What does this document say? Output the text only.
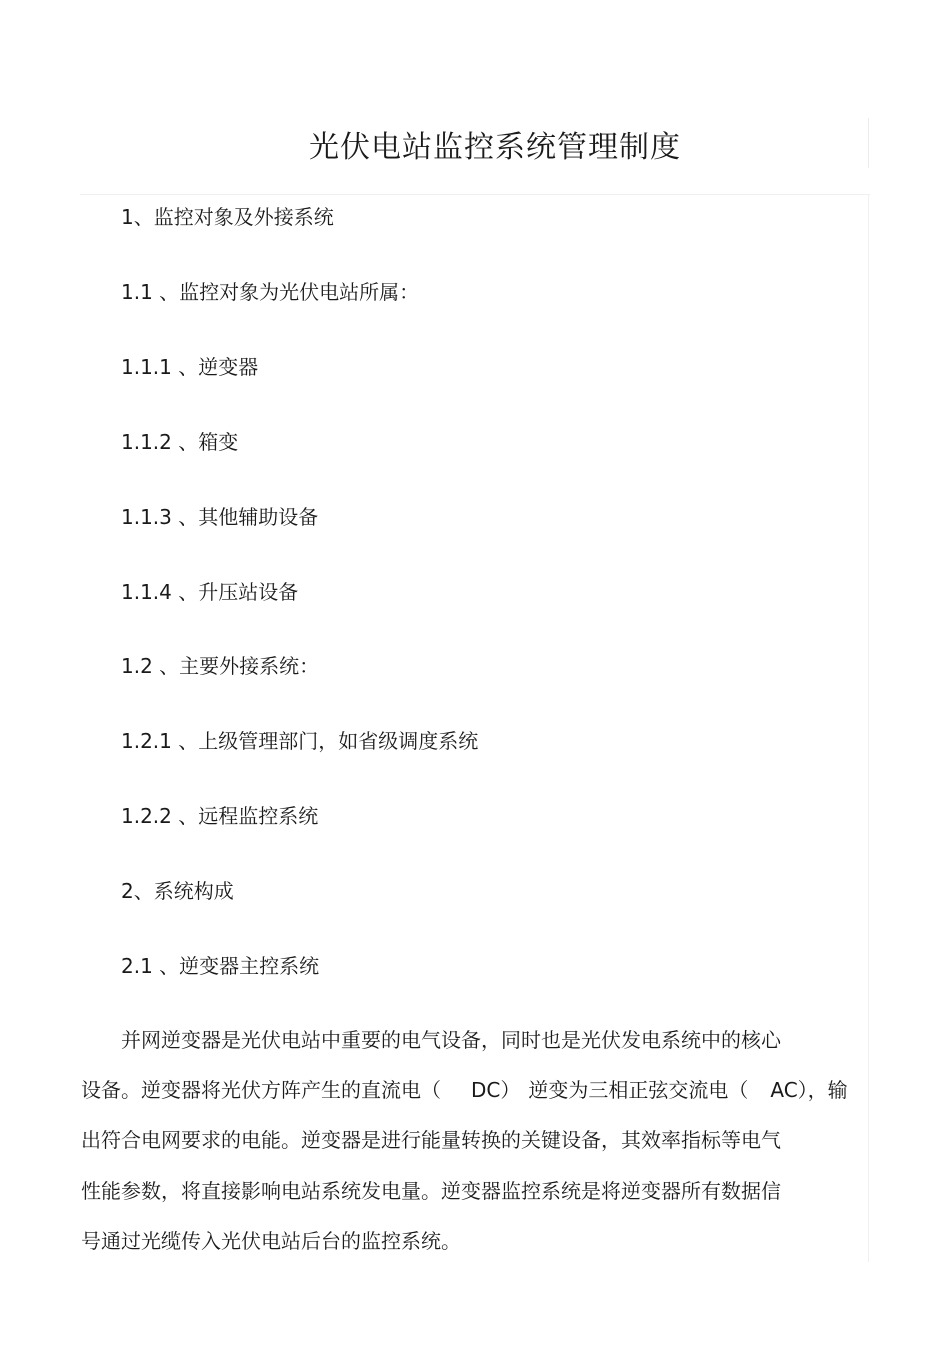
光伏电站监控系统管理制度
1、监控对象及外接系统
1.1 、监控对象为光伏电站所属：
1.1.1 、逆变器
1.1.2 、箱变
1.1.3 、其他辅助设备
1.1.4 、升压站设备
1.2 、主要外接系统：
1.2.1 、上级管理部门，如省级调度系统
1.2.2 、远程监控系统
2、系统构成
2.1 、逆变器主控系统
并网逆变器是光伏电站中重要的电气设备，同时也是光伏发电系统中的核心
设备。逆变器将光伏方阵产生的直流电（ DC） 逆变为三相正弦交流电（ AC），输
出符合电网要求的电能。逆变器是进行能量转换的关键设备，其效率指标等电气
性能参数，将直接影响电站系统发电量。逆变器监控系统是将逆变器所有数据信
号通过光缆传入光伏电站后台的监控系统。
